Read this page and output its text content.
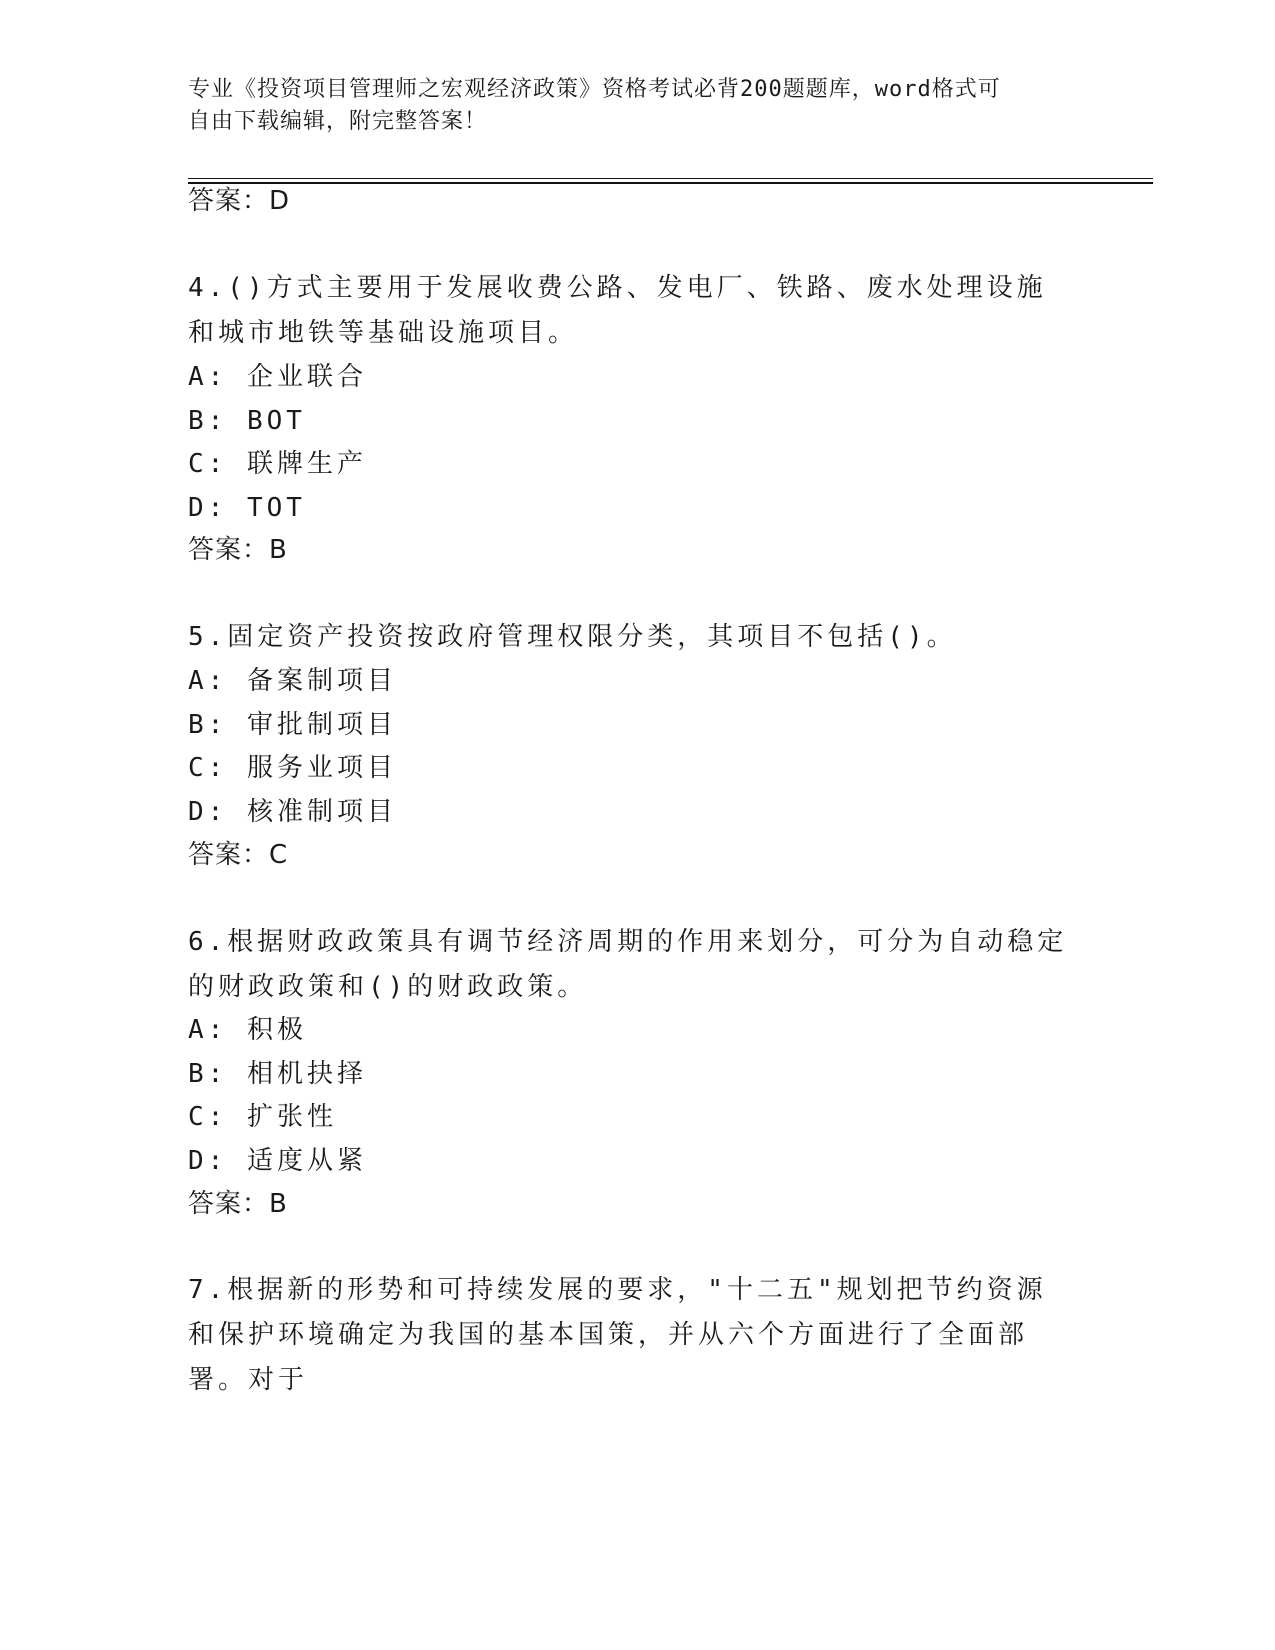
专业《投资项目管理师之宏观经济政策》资格考试必背200题题库，word格式可
自由下载编辑，附完整答案！
答案：D
4.()方式主要用于发展收费公路、发电厂、铁路、废水处理设施和城市地铁等基础设施项目。
A: 企业联合
B: BOT
C: 联牌生产
D: TOT
答案：B
5.固定资产投资按政府管理权限分类，其项目不包括()。
A: 备案制项目
B: 审批制项目
C: 服务业项目
D: 核准制项目
答案：C
6.根据财政政策具有调节经济周期的作用来划分，可分为自动稳定的财政政策和()的财政政策。
A: 积极
B: 相机抉择
C: 扩张性
D: 适度从紧
答案：B
7.根据新的形势和可持续发展的要求，"十二五"规划把节约资源和保护环境确定为我国的基本国策，并从六个方面进行了全面部署。对于
